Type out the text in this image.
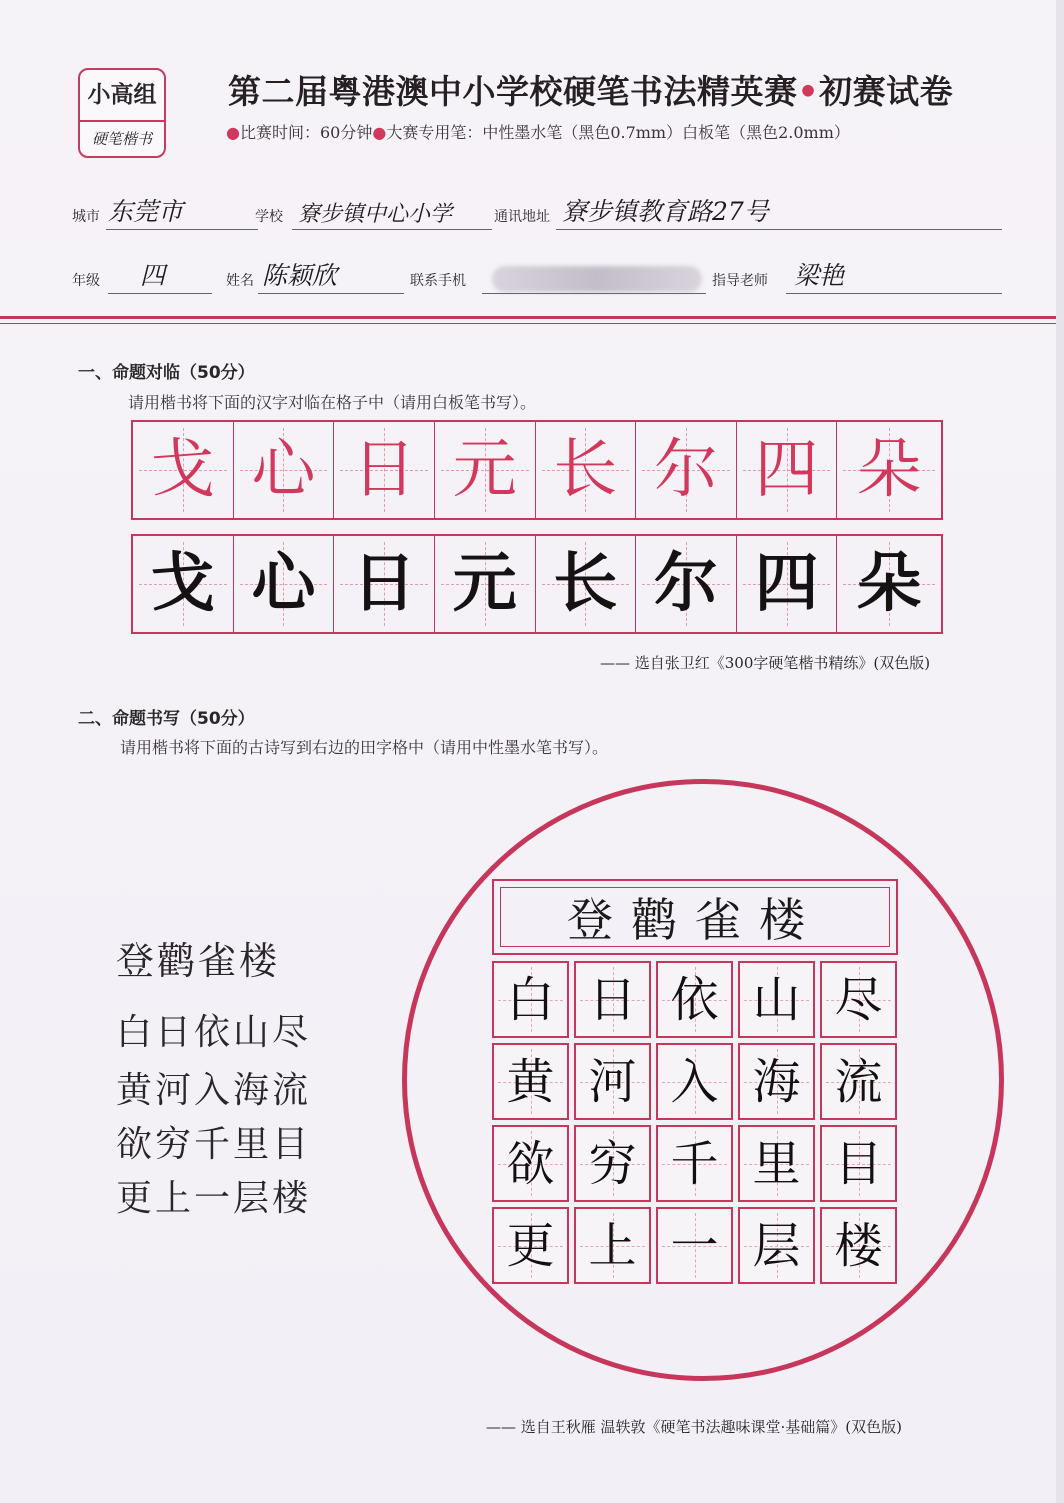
小高组
硬笔楷书
第二届粤港澳中小学校硬笔书法精英赛•初赛试卷
●比赛时间：60分钟●大赛专用笔：中性墨水笔（黑色0.7mm）白板笔（黑色2.0mm）
城市 东莞市	学校 寮步镇中心小学	通讯地址 寮步镇教育路27号
年级 四	姓名 陈颖欣	联系手机	指导老师 梁艳
一、命题对临（50分）
请用楷书将下面的汉字对临在格子中（请用白板笔书写）。
戈 心 日 元 长 尔 四 朵
戈 心 日 元 长 尔 四 朵
—— 选自张卫红《300字硬笔楷书精练》(双色版)
二、命题书写（50分）
请用楷书将下面的古诗写到右边的田字格中（请用中性墨水笔书写）。
登鹳雀楼
白日依山尽
黄河入海流
欲穷千里目
更上一层楼
登鹳雀楼
白 日 依 山 尽
黄 河 入 海 流
欲 穷 千 里 目
更 上 一 层 楼
—— 选自王秋雁 温轶敦《硬笔书法趣味课堂·基础篇》(双色版)
